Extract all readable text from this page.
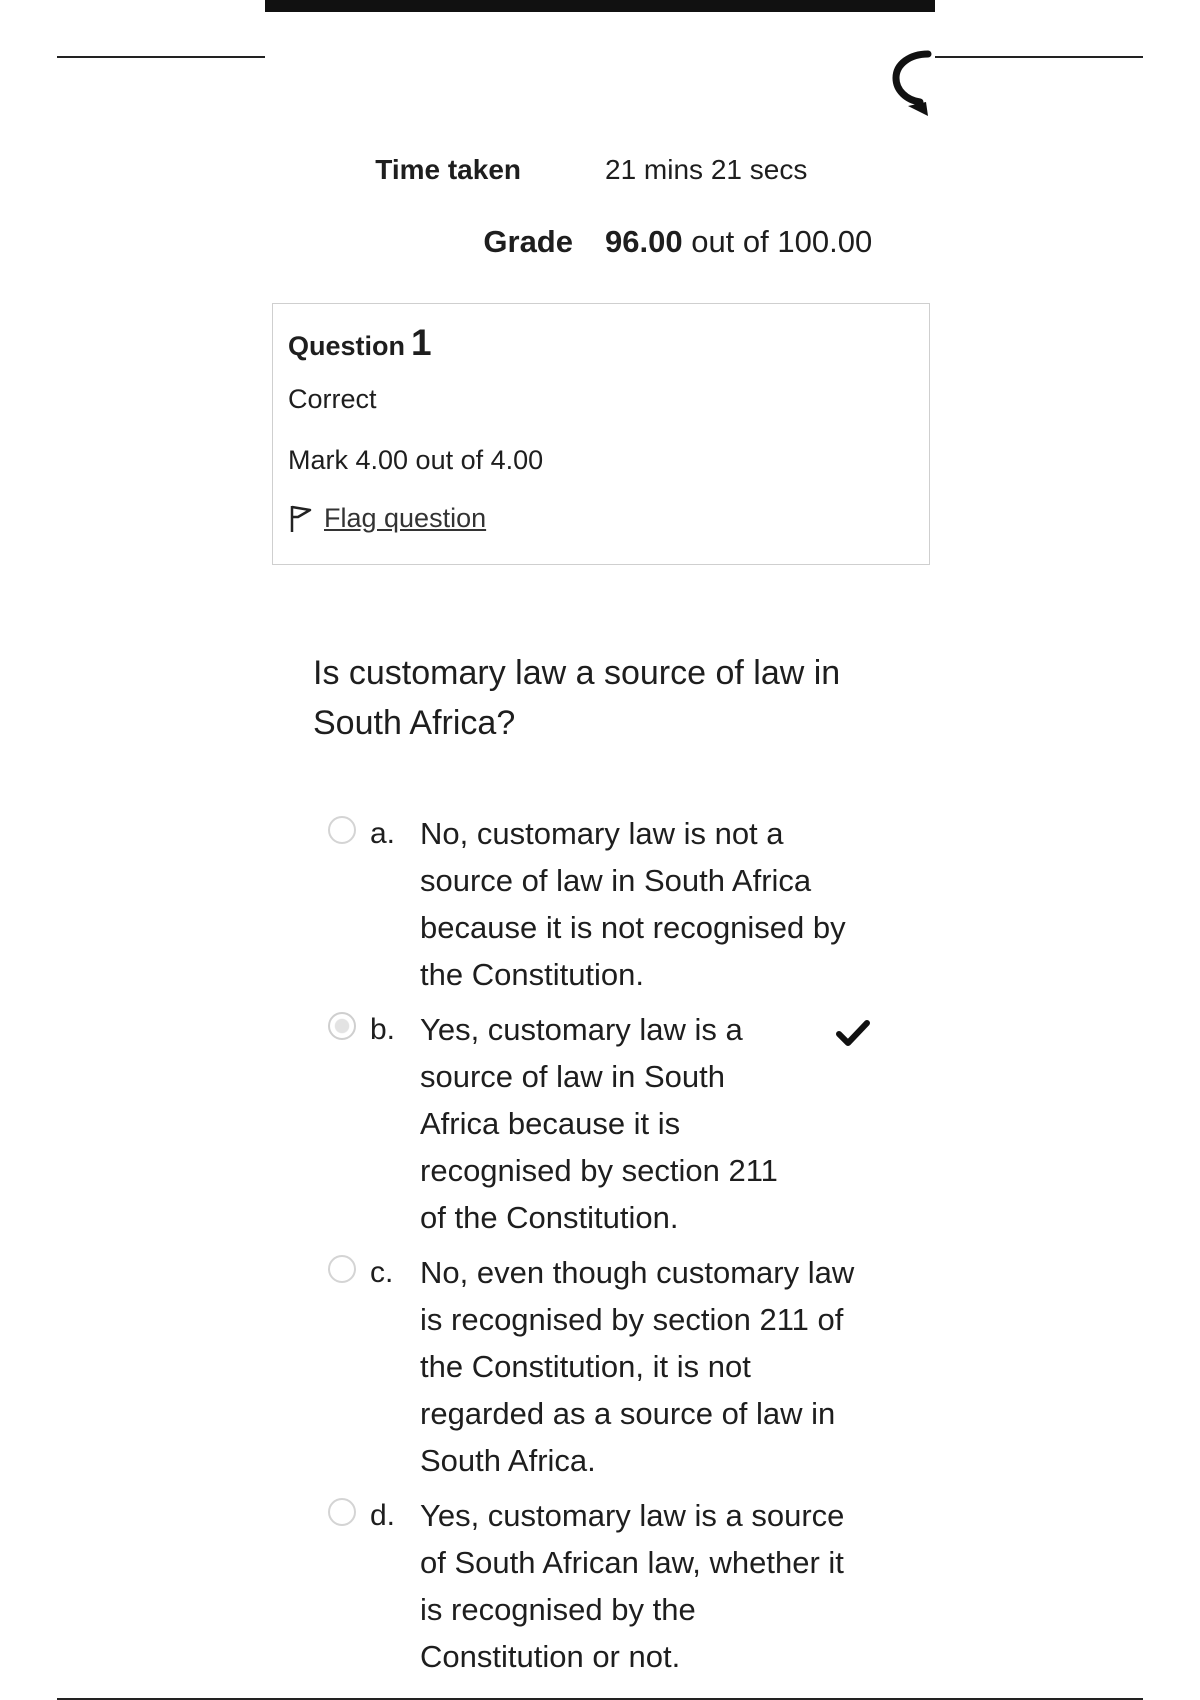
Time taken	21 mins 21 secs
Grade 96.00 out of 100.00
Question 1
Correct
Mark 4.00 out of 4.00
Flag question
Is customary law a source of law in South Africa?
a. No, customary law is not a source of law in South Africa because it is not recognised by the Constitution.
b. Yes, customary law is a source of law in South Africa because it is recognised by section 211 of the Constitution.
c. No, even though customary law is recognised by section 211 of the Constitution, it is not regarded as a source of law in South Africa.
d. Yes, customary law is a source of South African law, whether it is recognised by the Constitution or not.
